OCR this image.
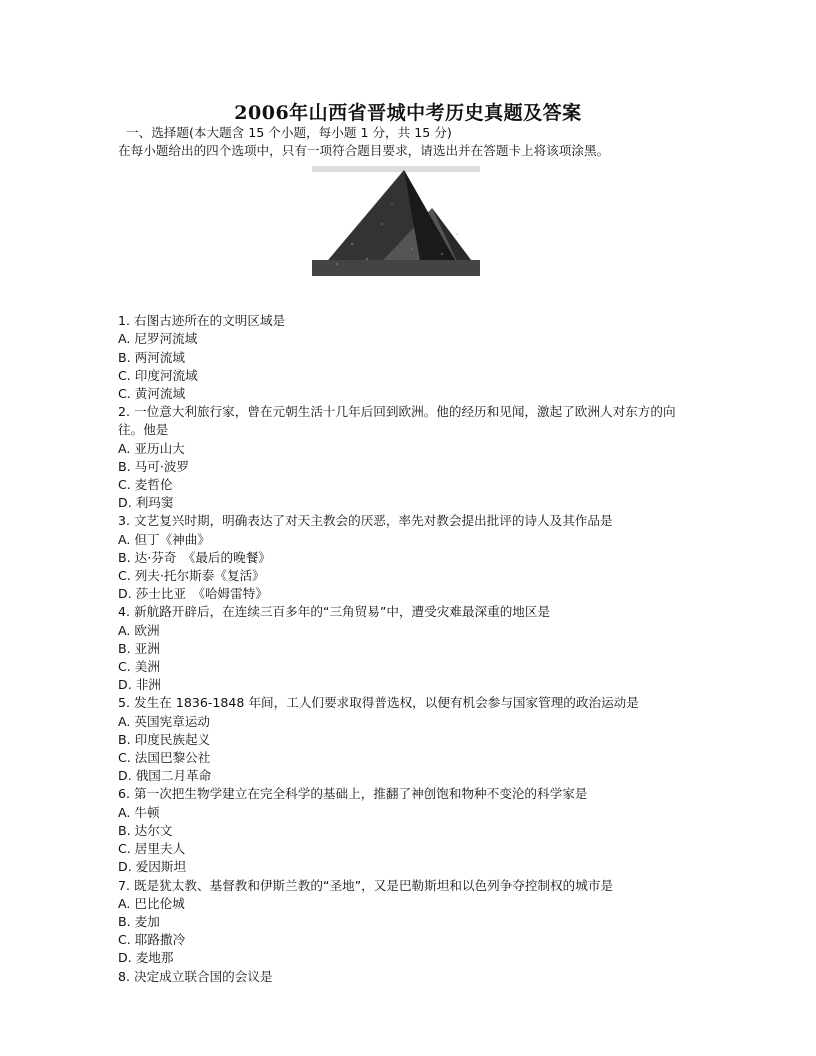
2006年山西省晋城中考历史真题及答案
一、选择题(本大题含 15 个小题，每小题 1 分，共 15 分)
在每小题给出的四个选项中，只有一项符合题目要求，请选出并在答题卡上将该项涂黑。
1. 右图古迹所在的文明区域是
A. 尼罗河流域
B. 两河流域
C. 印度河流域
C. 黄河流域
2. 一位意大利旅行家，曾在元朝生活十几年后回到欧洲。他的经历和见闻，激起了欧洲人对东方的向往。他是
A. 亚历山大
B. 马可·波罗
C. 麦哲伦
D. 利玛窦
3. 文艺复兴时期，明确表达了对天主教会的厌恶，率先对教会提出批评的诗人及其作品是
A. 但丁《神曲》
B. 达·芬奇　《最后的晚餐》
C. 列夫·托尔斯泰《复活》
D. 莎士比亚　《哈姆雷特》
4. 新航路开辟后，在连续三百多年的“三角贸易”中，遭受灾难最深重的地区是
A. 欧洲
B. 亚洲
C. 美洲
D. 非洲
5. 发生在 1836-1848 年间，工人们要求取得普选权，以便有机会参与国家管理的政治运动是
A. 英国宪章运动
B. 印度民族起义
C. 法国巴黎公社
D. 俄国二月革命
6. 第一次把生物学建立在完全科学的基础上，推翻了神创饱和物种不变沦的科学家是
A. 牛顿
B. 达尔文
C. 居里夫人
D. 爱因斯坦
7. 既是犹太教、基督教和伊斯兰教的“圣地”，又是巴勒斯坦和以色列争夺控制权的城市是
A. 巴比伦城
B. 麦加
C. 耶路撒冷
D. 麦地那
8. 决定成立联合国的会议是
